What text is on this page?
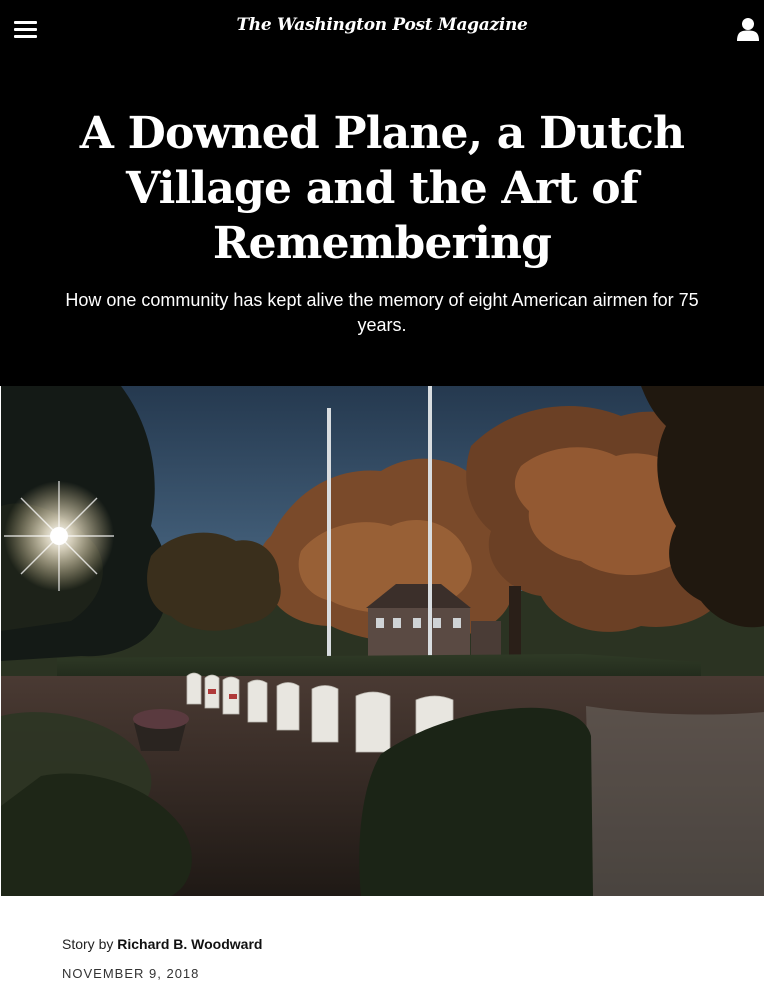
The Washington Post Magazine
A Downed Plane, a Dutch
Village and the Art of
Remembering

How one community has kept alive the memory of eight American airmen for 75 years.

Story by Richard B. Woodward
NOVEMBER 9, 2018
